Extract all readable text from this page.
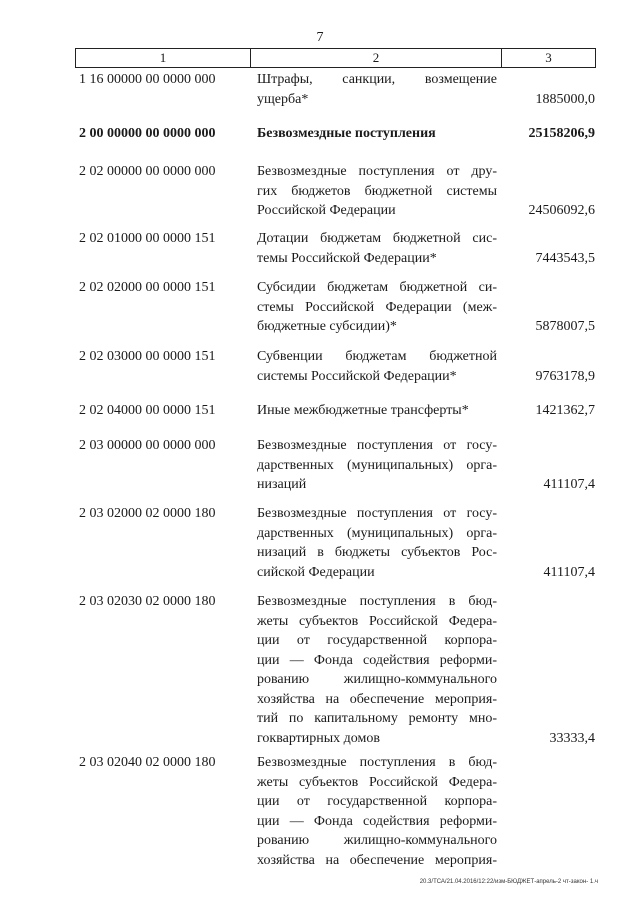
7
1	2	3
1 16 00000 00 0000 000	Штрафы, санкции, возмещение
ущерба*	1885000,0
2 00 00000 00 0000 000	Безвозмездные поступления	25158206,9
2 02 00000 00 0000 000	Безвозмездные поступления от дру-
гих бюджетов бюджетной системы
Российской Федерации	24506092,6
2 02 01000 00 0000 151	Дотации бюджетам бюджетной сис-
темы Российской Федерации*	7443543,5
2 02 02000 00 0000 151	Субсидии бюджетам бюджетной си-
стемы Российской Федерации (меж-
бюджетные субсидии)*	5878007,5
2 02 03000 00 0000 151	Субвенции бюджетам бюджетной
системы Российской Федерации*	9763178,9
2 02 04000 00 0000 151	Иные межбюджетные трансферты*	1421362,7
2 03 00000 00 0000 000	Безвозмездные поступления от госу-
дарственных (муниципальных) орга-
низаций	411107,4
2 03 02000 02 0000 180	Безвозмездные поступления от госу-
дарственных (муниципальных) орга-
низаций в бюджеты субъектов Рос-
сийской Федерации	411107,4
2 03 02030 02 0000 180	Безвозмездные поступления в бюд-
жеты субъектов Российской Федера-
ции от государственной корпора-
ции — Фонда содействия реформи-
рованию жилищно-коммунального
хозяйства на обеспечение мероприя-
тий по капитальному ремонту мно-
гоквартирных домов	33333,4
2 03 02040 02 0000 180	Безвозмездные поступления в бюд-
жеты субъектов Российской Федера-
ции от государственной корпора-
ции — Фонда содействия реформи-
рованию жилищно-коммунального
хозяйства на обеспечение мероприя-
20.3/ТСА/21.04.2016/12:22/изм-БЮДЖЕТ-апрель-2 чт-закон- 1.ч
